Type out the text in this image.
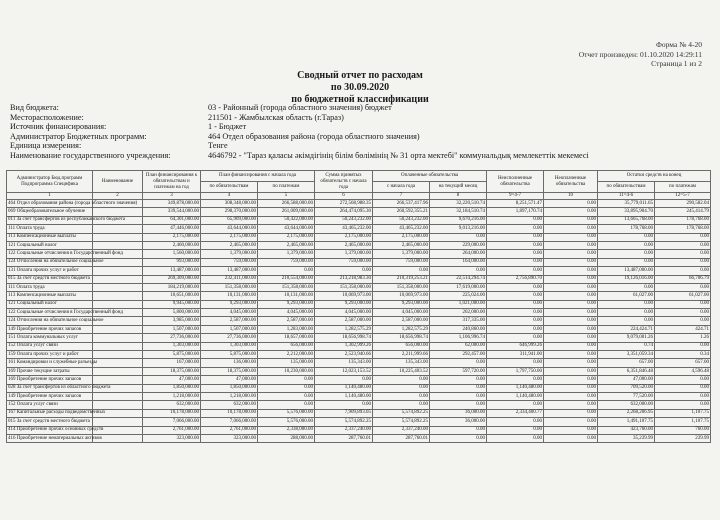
Форма № 4-20
Отчет произведен: 01.10.2020 14:29:11
Страница 1 из 2
Сводный отчет по расходам
по 30.09.2020
по бюджетной классификации
Вид бюджета:	03 - Районный (города областного значения) бюджет
Месторасположение:	211501 - Жамбылская область (г.Тараз)
Источник финансирования:	1 - Бюджет
Администратор Бюджетных программ:	464 Отдел образования района (города областного значения)
Единица измерения:	Тенге
Наименование государственного учреждения:	4646792 - "Тараз қаласы әкімдігінің білім бөлімінің № 31 орта мектебі" коммунальдық мемлекеттік мекемесі
Администратор Бюд.программ Подпрограмма Спецификa	Наименование	План финансирования к обязательствам и платежам на год	План финансирования с начала года		Сумма принятых обязательств с начала года	Оплаченные обязательства		Неисполненные обязательства	Неоплаченные обязательства	Остатки средств на конец	
			по обязательствам	по платежам		с начала года	на текущий месяц			по обязательствам	по платежам
1	2	3	4	5	6	7	8	9=4-7	10	11=4-6	12=5-7
464 Отдел образования района (города областного значения)		349,878,000.00	308,348,000.00	266,588,000.00	272,568,988.35	266,537,417.96	32,220,510.74	8,251,571.47	0.00	35,779,011.65	290,582.04
069 Общеобразовательное обучение		339,544,000.00	298,370,000.00	261,009,000.00	264,474,095.30	260,592,355.21	32,184,510.74	1,897,170.74	0.00	33,895,904.70	245,414.79
011 За счет трансфертов из республиканского бюджета		64,301,000.00	65,909,000.00	50,422,000.00	50,243,232.00	50,243,232.00	9,670,216.00	0.00	0.00	13,665,768.00	178,768.00
111 Оплата труда		47,446,000.00	43,644,000.00	43,644,000.00	43,465,232.00	43,465,232.00	9,013,216.00	0.00	0.00	178,768.00	178,768.00
113 Компенсационные выплаты		2,175,000.00	2,175,000.00	2,175,000.00	2,175,000.00	2,175,000.00	0.00	0.00	0.00	0.00	0.00
121 Социальный налог		2,460,000.00	2,465,000.00	2,465,000.00	2,465,000.00	2,465,000.00	229,000.00	0.00	0.00	0.00	0.00
122 Социальные отчисления в Государственный фонд		1,560,000.00	1,379,000.00	1,379,000.00	1,379,000.00	1,379,000.00	264,000.00	0.00	0.00	0.00	0.00
124 Отчисления на обязательное социальное		993,000.00	759,000.00	759,000.00	759,000.00	759,000.00	164,000.00	0.00	0.00	0.00	0.00
131 Оплата прочих услуг и работ		13,487,000.00	13,487,000.00	0.00	0.00	0.00	0.00	0.00	0.00	13,487,000.00	0.00
015 За счет средств местного бюджета		269,309,000.00	232,411,000.00	210,554,000.00	213,218,983.30	210,319,253.21	22,514,294.74	2,756,890.70	0.00	19,126,016.00	66,706.79
111 Оплата труда		184,219,000.00	151,358,000.00	151,358,000.00	151,358,000.00	151,358,000.00	17,619,000.00	0.00	0.00	0.00	0.00
113 Компенсационные выплаты		10,651,000.00	10,131,000.00	10,131,000.00	10,069,973.00	10,069,973.00	225,024.00	0.00	0.00	61,027.00	61,027.00
121 Социальный налог		9,945,000.00	9,293,000.00	9,293,000.00	9,293,000.00	9,293,000.00	1,021,000.00	0.00	0.00	0.00	0.00
122 Социальные отчисления в Государственный фонд		5,800,000.00	4,045,000.00	4,045,000.00	4,045,000.00	4,045,000.00	202,000.00	0.00	0.00	0.00	0.00
124 Отчисления на обязательное социальное		3,985,000.00	2,587,000.00	2,587,000.00	2,587,000.00	2,587,000.00	317,335.00	0.00	0.00	0.00	0.00
149 Приобретение прочих запасов		1,507,000.00	1,507,000.00	1,283,000.00	1,282,575.29	1,282,575.29	240,860.00	0.00	0.00	224,424.71	424.71
151 Оплата коммунальных услуг		27,736,000.00	27,736,000.00	18,657,000.00	18,656,998.74	18,656,998.74	1,106,996.74	0.00	0.00	9,079,001.26	1.26
152 Оплата услуг связи		1,303,000.00	1,303,000.00	656,000.00	1,302,999.26	656,000.00	62,000.00	646,999.26	0.00	0.74	0.00
159 Оплата прочих услуг и работ		5,875,000.00	5,875,000.00	2,212,000.00	2,523,940.66	2,211,999.66	292,457.00	311,941.00	0.00	3,351,059.34	0.34
161 Командировки и служебные разъезды		167,000.00	136,000.00	135,000.00	135,343.00	135,343.00	0.00	0.00	0.00	657.00	657.00
169 Прочие текущие затраты		18,375,000.00	18,375,000.00	10,230,000.00	12,023,153.52	10,225,403.52	597,720.00	1,797,750.00	0.00	6,351,846.48	4,596.48
169 Приобретение прочих запасов		47,000.00	47,000.00	0.00	0.00	0.00	0.00	0.00	0.00	47,000.00	0.00
028 За счет трансфертов из областного бюджета		1,850,000.00	1,850,000.00	0.00	1,140,480.00	0.00	0.00	1,140,480.00	0.00	709,520.00	0.00
149 Приобретение прочих запасов		1,218,000.00	1,218,000.00	0.00	1,140,480.00	0.00	0.00	1,140,480.00	0.00	77,520.00	0.00
152 Оплата услуг связи		632,000.00	632,000.00	0.00	0.00	0.00	0.00	0.00	0.00	632,000.00	0.00
167 Капитальные расходы подведомственных		10,178,000.00	10,178,000.00	5,576,000.00	7,909,893.05	5,574,892.25	36,000.00	2,334,400.77	0.00	2,268,206.95	1,107.75
015 За счет средств местного бюджета		7,066,000.00	7,066,000.00	5,576,000.00	5,574,892.25	5,574,892.25	36,000.00	0.00	0.00	1,491,107.75	1,107.75
414 Приобретение прочих основных средств		2,761,000.00	2,761,000.00	2,338,000.00	2,337,240.00	2,337,240.00	0.00	0.00	0.00	423,760.00	760.00
416 Приобретение нематериальных активов		323,000.00	323,000.00	288,000.00	287,760.01	287,760.01	0.00	0.00	0.00	35,239.99	239.99
